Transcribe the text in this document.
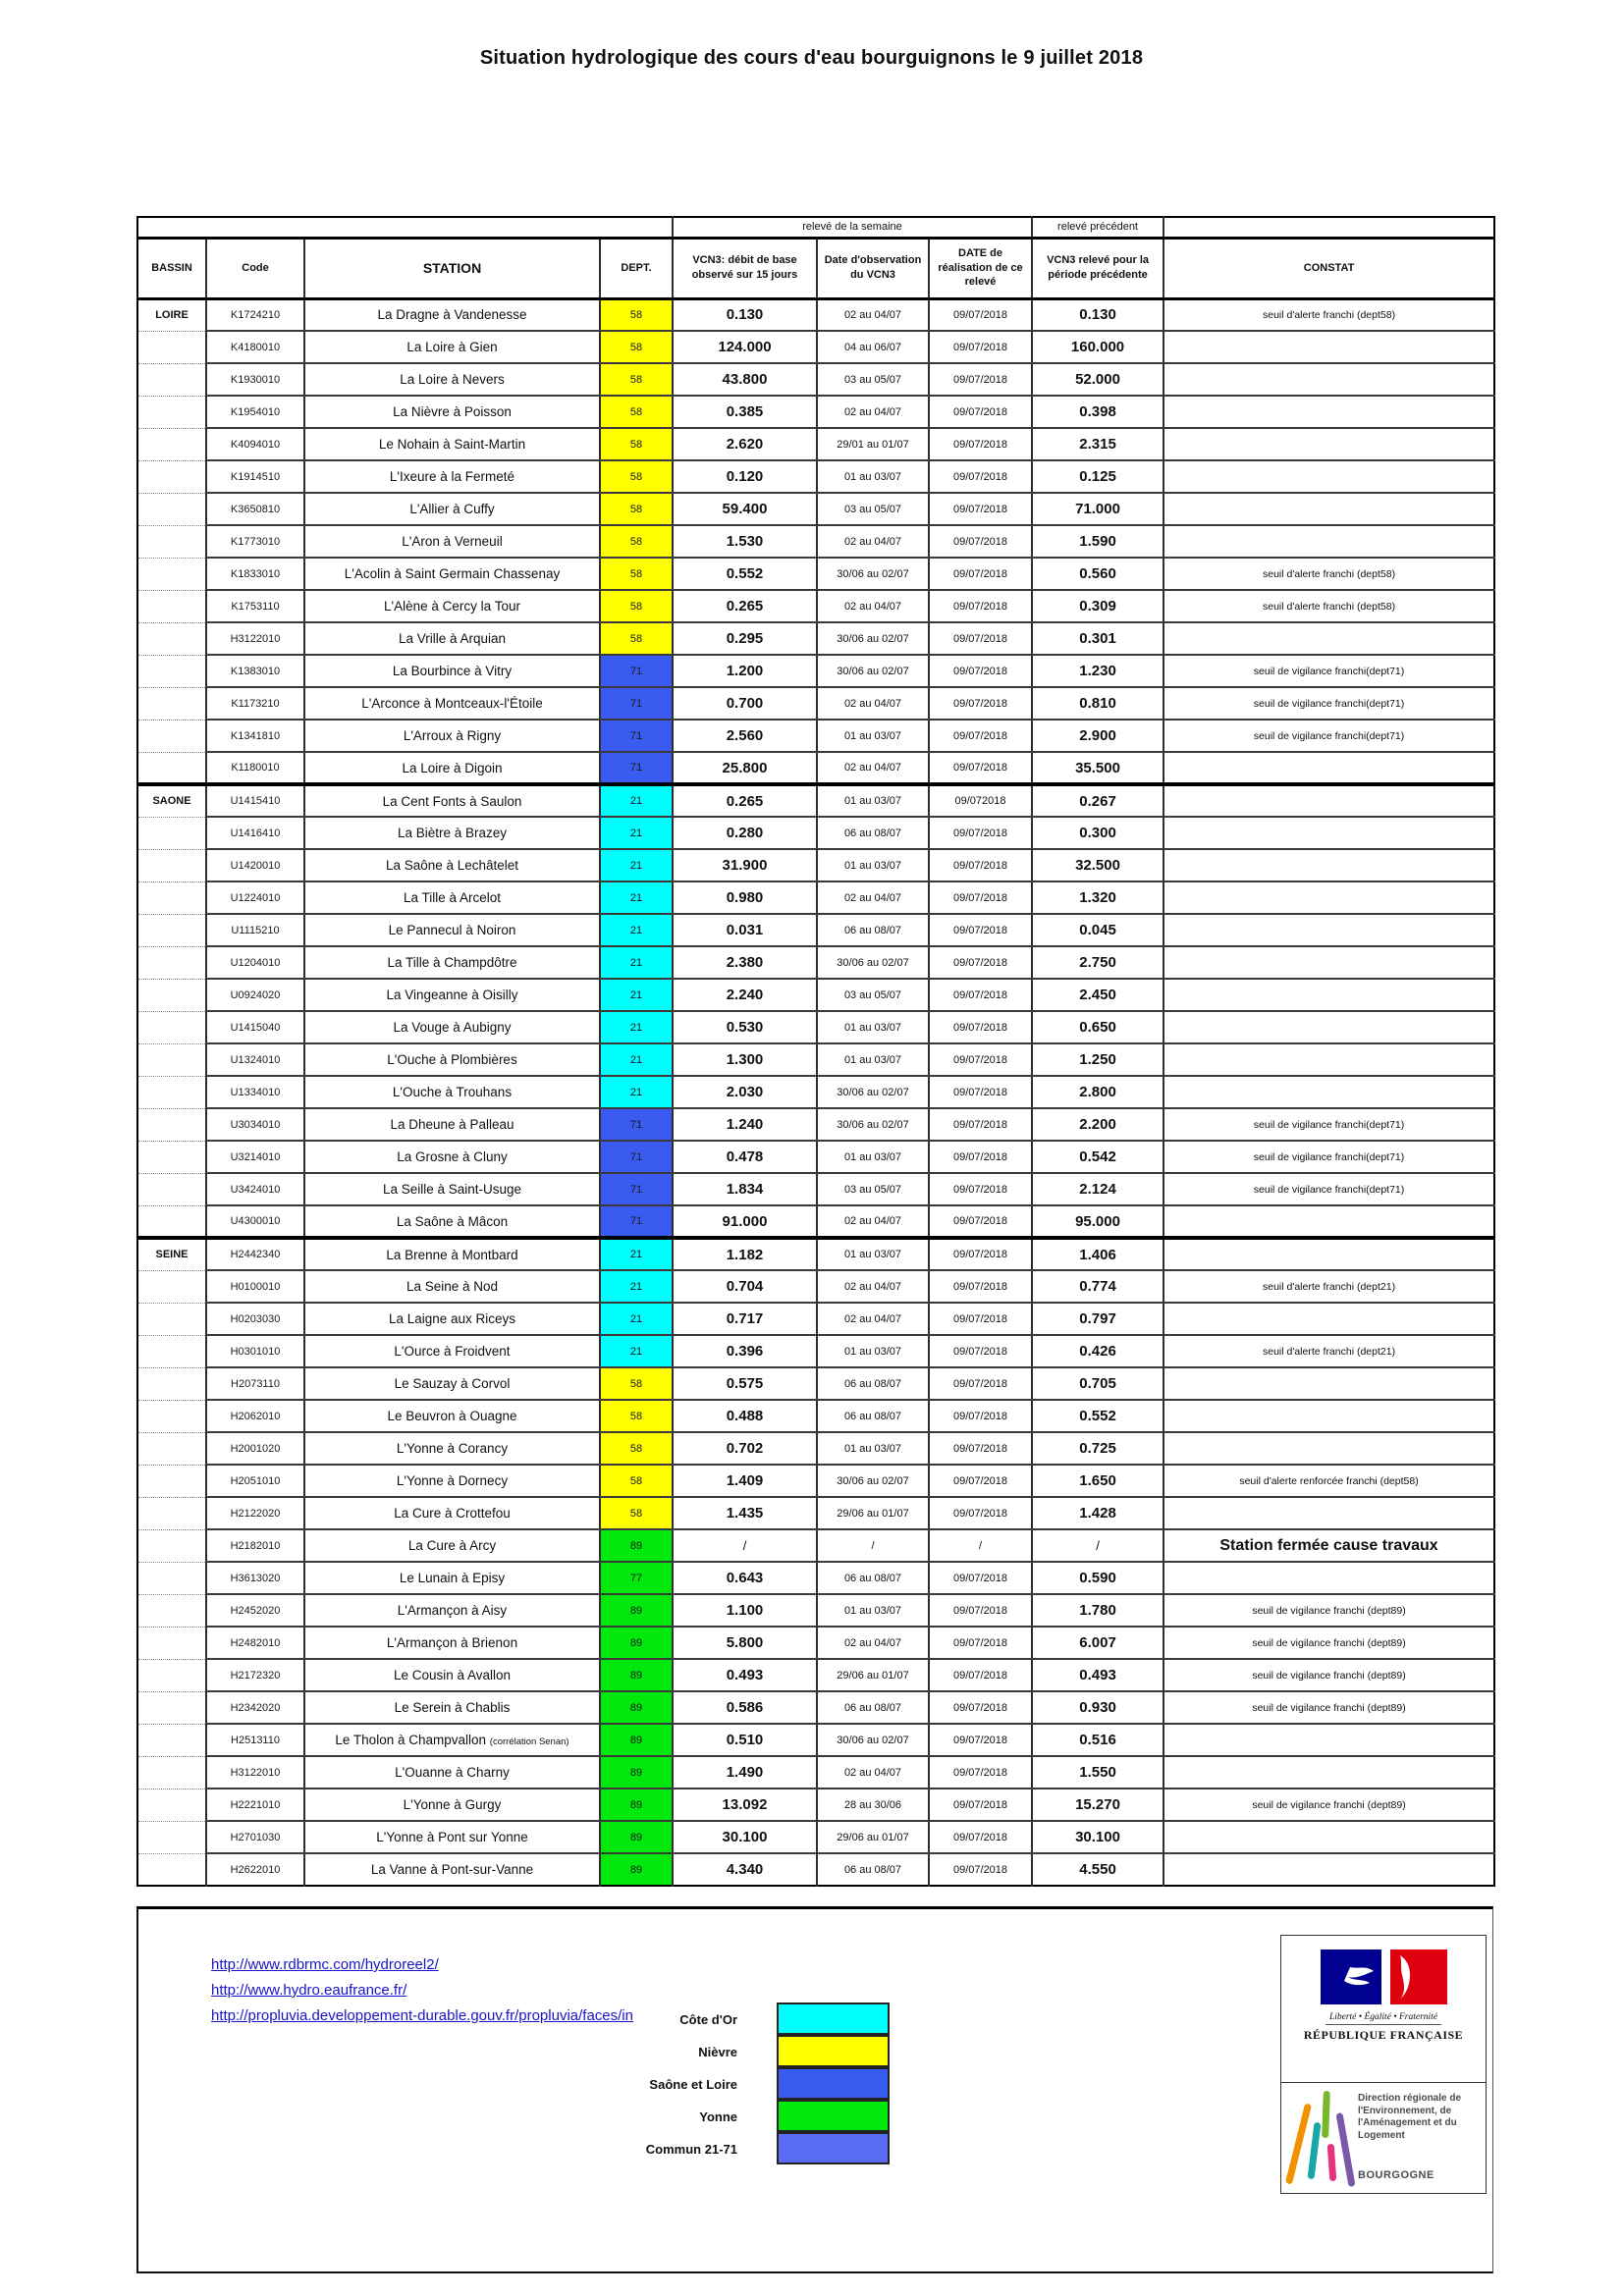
Situation hydrologique des cours d'eau bourguignons le 9 juillet 2018
				relevé de la semaine			relevé précédent	
BASSIN	Code	STATION	DEPT.	VCN3: débit de base observé sur 15 jours	Date d'observation du VCN3	DATE de réalisation de ce relevé	VCN3 relevé pour la période précédente	CONSTAT
LOIRE	K1724210	La Dragne à Vandenesse	58	0.130	02 au 04/07	09/07/2018	0.130	seuil d'alerte franchi (dept58)
	K4180010	La Loire à Gien	58	124.000	04 au 06/07	09/07/2018	160.000	
	K1930010	La Loire à Nevers	58	43.800	03 au 05/07	09/07/2018	52.000	
	K1954010	La Nièvre à Poisson	58	0.385	02 au 04/07	09/07/2018	0.398	
	K4094010	Le Nohain à Saint-Martin	58	2.620	29/01 au 01/07	09/07/2018	2.315	
	K1914510	L'Ixeure à la Fermeté	58	0.120	01 au 03/07	09/07/2018	0.125	
	K3650810	L'Allier à Cuffy	58	59.400	03 au 05/07	09/07/2018	71.000	
	K1773010	L'Aron à Verneuil	58	1.530	02 au 04/07	09/07/2018	1.590	
	K1833010	L'Acolin à Saint Germain Chassenay	58	0.552	30/06 au 02/07	09/07/2018	0.560	seuil d'alerte franchi (dept58)
	K1753110	L'Alène à Cercy la Tour	58	0.265	02 au 04/07	09/07/2018	0.309	seuil d'alerte franchi (dept58)
	H3122010	La Vrille à Arquian	58	0.295	30/06 au 02/07	09/07/2018	0.301	
	K1383010	La Bourbince à Vitry	71	1.200	30/06 au 02/07	09/07/2018	1.230	seuil de vigilance franchi(dept71)
	K1173210	L'Arconce à Montceaux-l'Étoile	71	0.700	02 au 04/07	09/07/2018	0.810	seuil de vigilance franchi(dept71)
	K1341810	L'Arroux à Rigny	71	2.560	01 au 03/07	09/07/2018	2.900	seuil de vigilance franchi(dept71)
	K1180010	La Loire à Digoin	71	25.800	02 au 04/07	09/07/2018	35.500	
SAONE	U1415410	La Cent Fonts à Saulon	21	0.265	01 au 03/07	09/072018	0.267	
	U1416410	La Biètre à Brazey	21	0.280	06 au 08/07	09/07/2018	0.300	
	U1420010	La Saône à Lechâtelet	21	31.900	01 au 03/07	09/07/2018	32.500	
	U1224010	La Tille à Arcelot	21	0.980	02 au 04/07	09/07/2018	1.320	
	U1115210	Le Pannecul à Noiron	21	0.031	06 au 08/07	09/07/2018	0.045	
	U1204010	La Tille à Champdôtre	21	2.380	30/06 au 02/07	09/07/2018	2.750	
	U0924020	La Vingeanne à Oisilly	21	2.240	03 au 05/07	09/07/2018	2.450	
	U1415040	La Vouge à Aubigny	21	0.530	01 au 03/07	09/07/2018	0.650	
	U1324010	L'Ouche à Plombières	21	1.300	01 au 03/07	09/07/2018	1.250	
	U1334010	L'Ouche à Trouhans	21	2.030	30/06 au 02/07	09/07/2018	2.800	
	U3034010	La Dheune à Palleau	71	1.240	30/06 au 02/07	09/07/2018	2.200	seuil de vigilance franchi(dept71)
	U3214010	La Grosne à Cluny	71	0.478	01 au 03/07	09/07/2018	0.542	seuil de vigilance franchi(dept71)
	U3424010	La Seille à Saint-Usuge	71	1.834	03 au 05/07	09/07/2018	2.124	seuil de vigilance franchi(dept71)
	U4300010	La Saône à Mâcon	71	91.000	02 au 04/07	09/07/2018	95.000	
SEINE	H2442340	La Brenne à Montbard	21	1.182	01 au 03/07	09/07/2018	1.406	
	H0100010	La Seine à Nod	21	0.704	02 au 04/07	09/07/2018	0.774	seuil d'alerte franchi (dept21)
	H0203030	La Laigne aux Riceys	21	0.717	02 au 04/07	09/07/2018	0.797	
	H0301010	L'Ource à Froidvent	21	0.396	01 au 03/07	09/07/2018	0.426	seuil d'alerte franchi (dept21)
	H2073110	Le Sauzay à Corvol	58	0.575	06 au 08/07	09/07/2018	0.705	
	H2062010	Le Beuvron à Ouagne	58	0.488	06 au 08/07	09/07/2018	0.552	
	H2001020	L'Yonne à Corancy	58	0.702	01 au 03/07	09/07/2018	0.725	
	H2051010	L'Yonne à Dornecy	58	1.409	30/06 au 02/07	09/07/2018	1.650	seuil d'alerte renforcée franchi (dept58)
	H2122020	La Cure à Crottefou	58	1.435	29/06 au 01/07	09/07/2018	1.428	
	H2182010	La Cure à Arcy	89	/	/	/	/	Station fermée cause travaux
	H3613020	Le Lunain à Episy	77	0.643	06 au 08/07	09/07/2018	0.590	
	H2452020	L'Armançon à Aisy	89	1.100	01 au 03/07	09/07/2018	1.780	seuil de vigilance franchi (dept89)
	H2482010	L'Armançon à Brienon	89	5.800	02 au 04/07	09/07/2018	6.007	seuil de vigilance franchi (dept89)
	H2172320	Le Cousin à Avallon	89	0.493	29/06 au 01/07	09/07/2018	0.493	seuil de vigilance franchi (dept89)
	H2342020	Le Serein à Chablis	89	0.586	06 au 08/07	09/07/2018	0.930	seuil de vigilance franchi (dept89)
	H2513110	Le Tholon à Champvallon (corrélation Senan)	89	0.510	30/06 au 02/07	09/07/2018	0.516	
	H3122010	L'Ouanne à Charny	89	1.490	02 au 04/07	09/07/2018	1.550	
	H2221010	L'Yonne à Gurgy	89	13.092	28 au 30/06	09/07/2018	15.270	seuil de vigilance franchi (dept89)
	H2701030	L'Yonne à Pont sur Yonne	89	30.100	29/06 au 01/07	09/07/2018	30.100	
	H2622010	La Vanne à Pont-sur-Vanne	89	4.340	06 au 08/07	09/07/2018	4.550	
http://www.rdbrmc.com/hydroreel2/
http://www.hydro.eaufrance.fr/
http://propluvia.developpement-durable.gouv.fr/propluvia/faces/in	Côte d'Or
Nièvre
Saône et Loire
Yonne
Commun 21-71
Liberté • Égalité • Fraternité
RÉPUBLIQUE FRANÇAISE
Direction régionale de l'Environnement, de l'Aménagement et du Logement
BOURGOGNE
